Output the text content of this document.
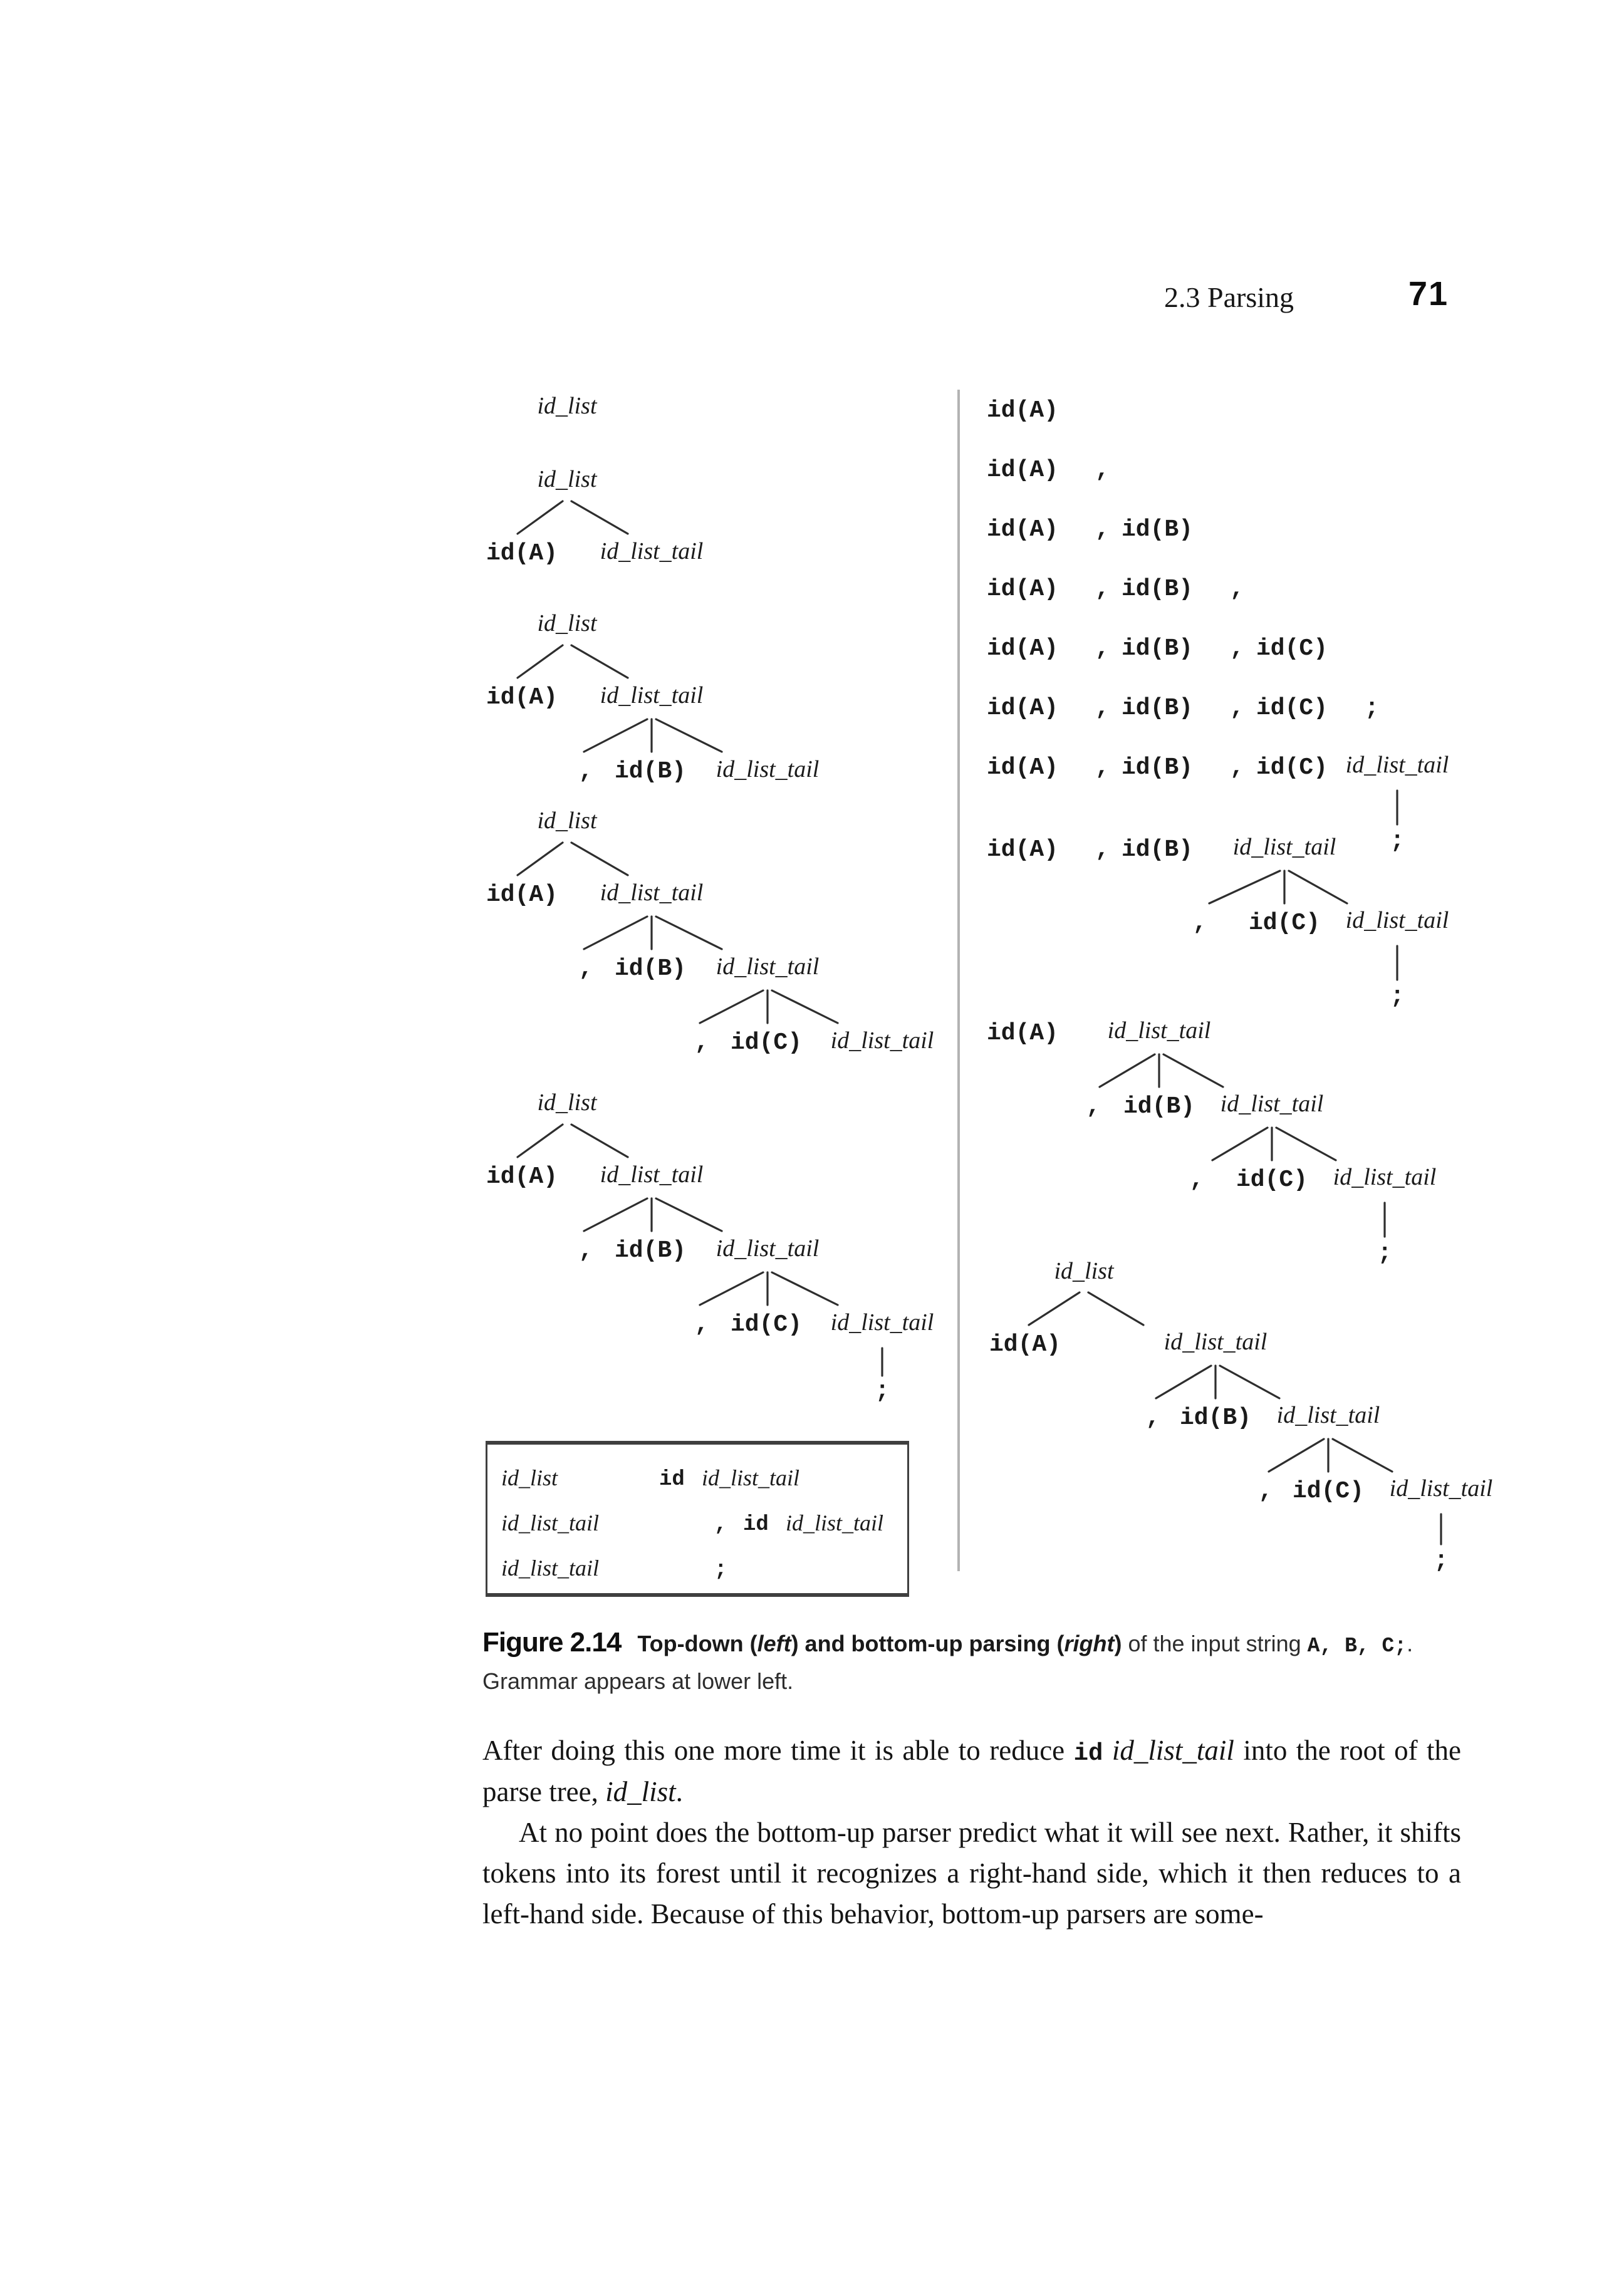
2.3 Parsing	71
id_list
id_list
id(A) id_list_tail
id_list
id(A) id_list_tail
, id(B) id_list_tail
id_list
id(A) id_list_tail
, id(B) id_list_tail
, id(C) id_list_tail
id_list
id(A) id_list_tail
, id(B) id_list_tail
, id(C) id_list_tail
;
id(A)
id(A) ,
id(A) , id(B)
id(A) , id(B) ,
id(A) , id(B) , id(C)
id(A) , id(B) , id(C) ;
id(A) , id(B) , id(C) id_list_tail
;
id(A) , id(B) id_list_tail
, id(C) id_list_tail
;
id(A) id_list_tail
, id(B) id_list_tail
, id(C) id_list_tail
;
id_list
id(A)	id_list_tail
, id(B) id_list_tail
, id(C) id_list_tail
;
id_list	id id_list_tail
id_list_tail	, id id_list_tail
id_list_tail	;
Figure 2.14 Top-down (left) and bottom-up parsing (right) of the input string A, B, C;.
Grammar appears at lower left.

After doing this one more time it is able to reduce id id_list_tail into the root of the parse tree, id_list.

At no point does the bottom-up parser predict what it will see next. Rather, it shifts tokens into its forest until it recognizes a right-hand side, which it then reduces to a left-hand side. Because of this behavior, bottom-up parsers are some-
